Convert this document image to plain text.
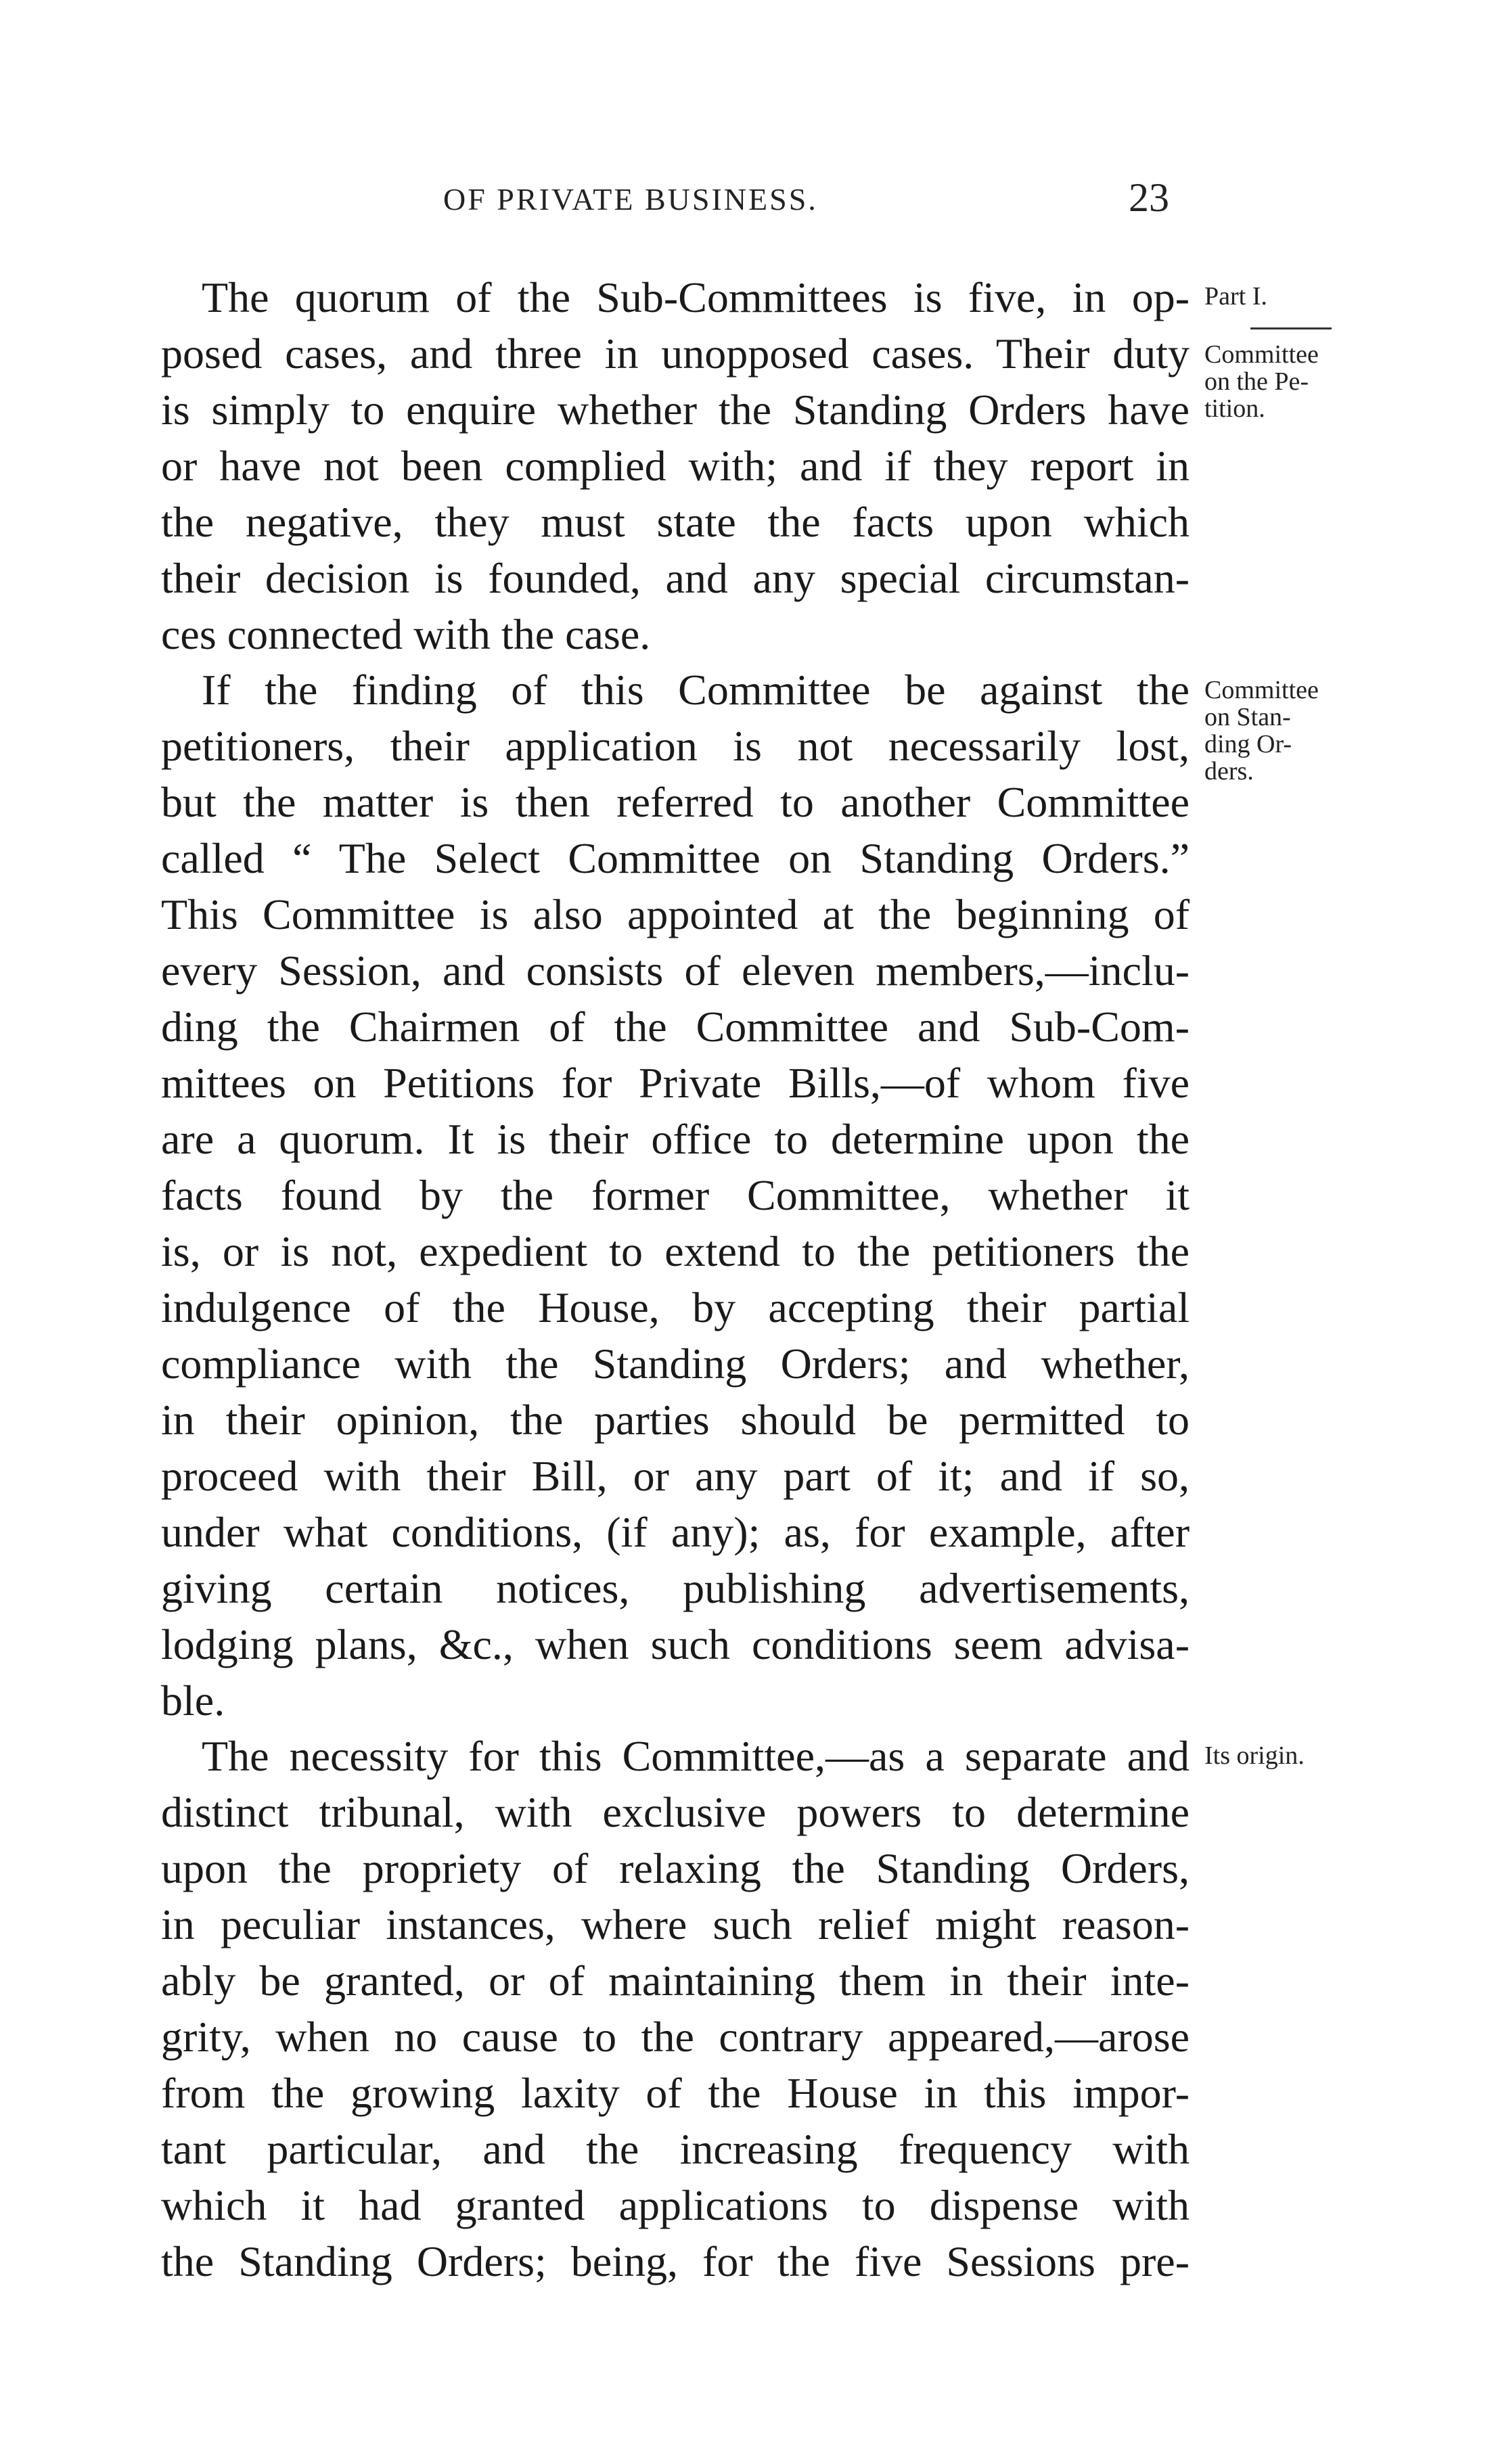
OF PRIVATE BUSINESS.	23
The quorum of the Sub-Committees is five, in op-
posed cases, and three in unopposed cases. Their duty
is simply to enquire whether the Standing Orders have
or have not been complied with; and if they report in
the negative, they must state the facts upon which
their decision is founded, and any special circumstan-
ces connected with the case.
If the finding of this Committee be against the
petitioners, their application is not necessarily lost,
but the matter is then referred to another Committee
called “ The Select Committee on Standing Orders.”
This Committee is also appointed at the beginning of
every Session, and consists of eleven members,—inclu-
ding the Chairmen of the Committee and Sub-Com-
mittees on Petitions for Private Bills,—of whom five
are a quorum. It is their office to determine upon the
facts found by the former Committee, whether it
is, or is not, expedient to extend to the petitioners the
indulgence of the House, by accepting their partial
compliance with the Standing Orders; and whether,
in their opinion, the parties should be permitted to
proceed with their Bill, or any part of it; and if so,
under what conditions, (if any); as, for example, after
giving certain notices, publishing advertisements,
lodging plans, &c., when such conditions seem advisa-
ble.
The necessity for this Committee,—as a separate and
distinct tribunal, with exclusive powers to determine
upon the propriety of relaxing the Standing Orders,
in peculiar instances, where such relief might reason-
ably be granted, or of maintaining them in their inte-
grity, when no cause to the contrary appeared,—arose
from the growing laxity of the House in this impor-
tant particular, and the increasing frequency with
which it had granted applications to dispense with
the Standing Orders; being, for the five Sessions pre-
Part I.
Committee
on the Pe-
tition.
Committee
on Stan-
ding Or-
ders.
Its origin.
